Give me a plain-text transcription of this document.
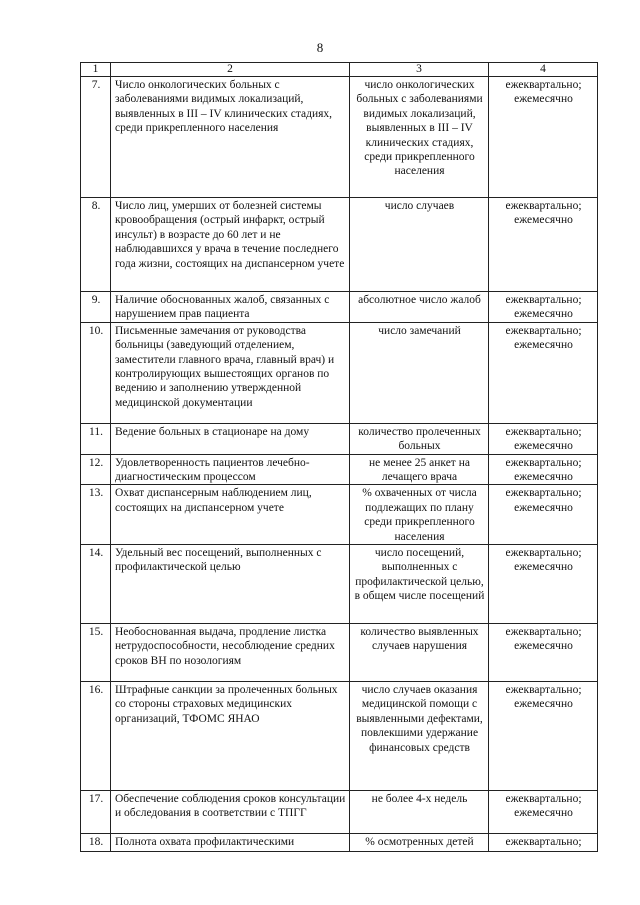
8
1	2	3	4
7.	Число онкологических больных с заболеваниями видимых локализаций, выявленных в III – IV клинических стадиях, среди прикрепленного населения	число онкологических больных с заболеваниями видимых локализаций, выявленных в III – IV клинических стадиях, среди прикрепленного населения	ежеквартально; ежемесячно
8.	Число лиц, умерших от болезней системы кровообращения (острый инфаркт, острый инсульт) в возрасте до 60 лет и не наблюдавшихся у врача в течение последнего года жизни, состоящих на диспансерном учете	число случаев	ежеквартально; ежемесячно
9.	Наличие обоснованных жалоб, связанных с нарушением прав пациента	абсолютное число жалоб	ежеквартально; ежемесячно
10.	Письменные замечания от руководства больницы (заведующий отделением, заместители главного врача, главный врач) и контролирующих вышестоящих органов по ведению и заполнению утвержденной медицинской документации	число замечаний	ежеквартально; ежемесячно
11.	Ведение больных в стационаре на дому	количество пролеченных больных	ежеквартально; ежемесячно
12.	Удовлетворенность пациентов лечебно-диагностическим процессом	не менее 25 анкет на лечащего врача	ежеквартально; ежемесячно
13.	Охват диспансерным наблюдением лиц, состоящих на диспансерном учете	% охваченных от числа подлежащих по плану среди прикрепленного населения	ежеквартально; ежемесячно
14.	Удельный вес посещений, выполненных с профилактической целью	число посещений, выполненных с профилактической целью, в общем числе посещений	ежеквартально; ежемесячно
15.	Необоснованная выдача, продление листка нетрудоспособности, несоблюдение средних сроков ВН по нозологиям	количество выявленных случаев нарушения	ежеквартально; ежемесячно
16.	Штрафные санкции за пролеченных больных со стороны страховых медицинских организаций, ТФОМС ЯНАО	число случаев оказания медицинской помощи с выявленными дефектами, повлекшими удержание финансовых средств	ежеквартально; ежемесячно
17.	Обеспечение соблюдения сроков консультации и обследования в соответствии с ТПГГ	не более 4-х недель	ежеквартально; ежемесячно
18.	Полнота охвата профилактическими	% осмотренных детей	ежеквартально;
